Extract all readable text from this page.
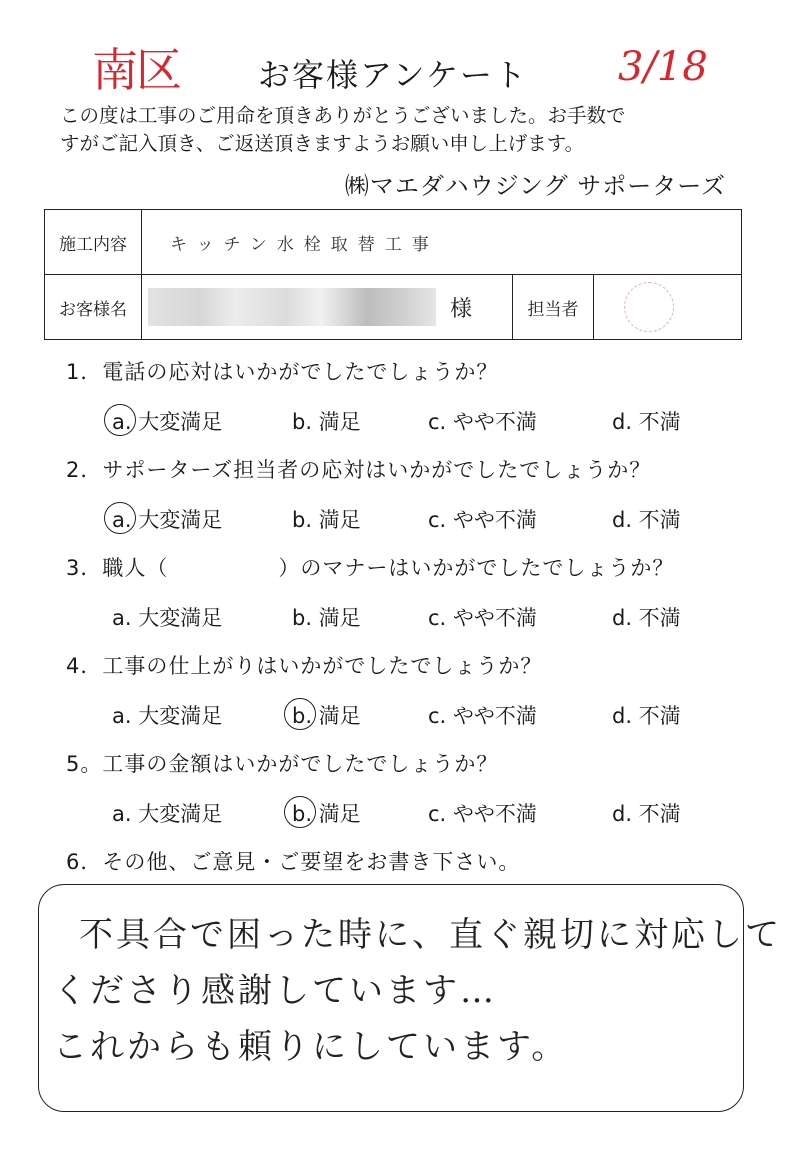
南区	お客様アンケート	3/18
この度は工事のご用命を頂きありがとうございました。お手数で
すがご記入頂き、ご返送頂きますようお願い申し上げます。
㈱マエダハウジング サポーターズ
施工内容	キッチン水栓取替工事		
お客様名	様	担当者	
1．電話の応対はいかがでしたでしょうか？
a. 大変満足	b. 満足	c. やや不満	d. 不満
2．サポーターズ担当者の応対はいかがでしたでしょうか？
a. 大変満足	b. 満足	c. やや不満	d. 不満
3．職人（　　　　　）のマナーはいかがでしたでしょうか？
a. 大変満足	b. 満足	c. やや不満	d. 不満
4．工事の仕上がりはいかがでしたでしょうか？
a. 大変満足	b. 満足	c. やや不満	d. 不満
5。工事の金額はいかがでしたでしょうか？
a. 大変満足	b. 満足	c. やや不満	d. 不満
6．その他、ご意見・ご要望をお書き下さい。
不具合で困った時に、直ぐ親切に対応して
くださり感謝しています…
これからも頼りにしています。
